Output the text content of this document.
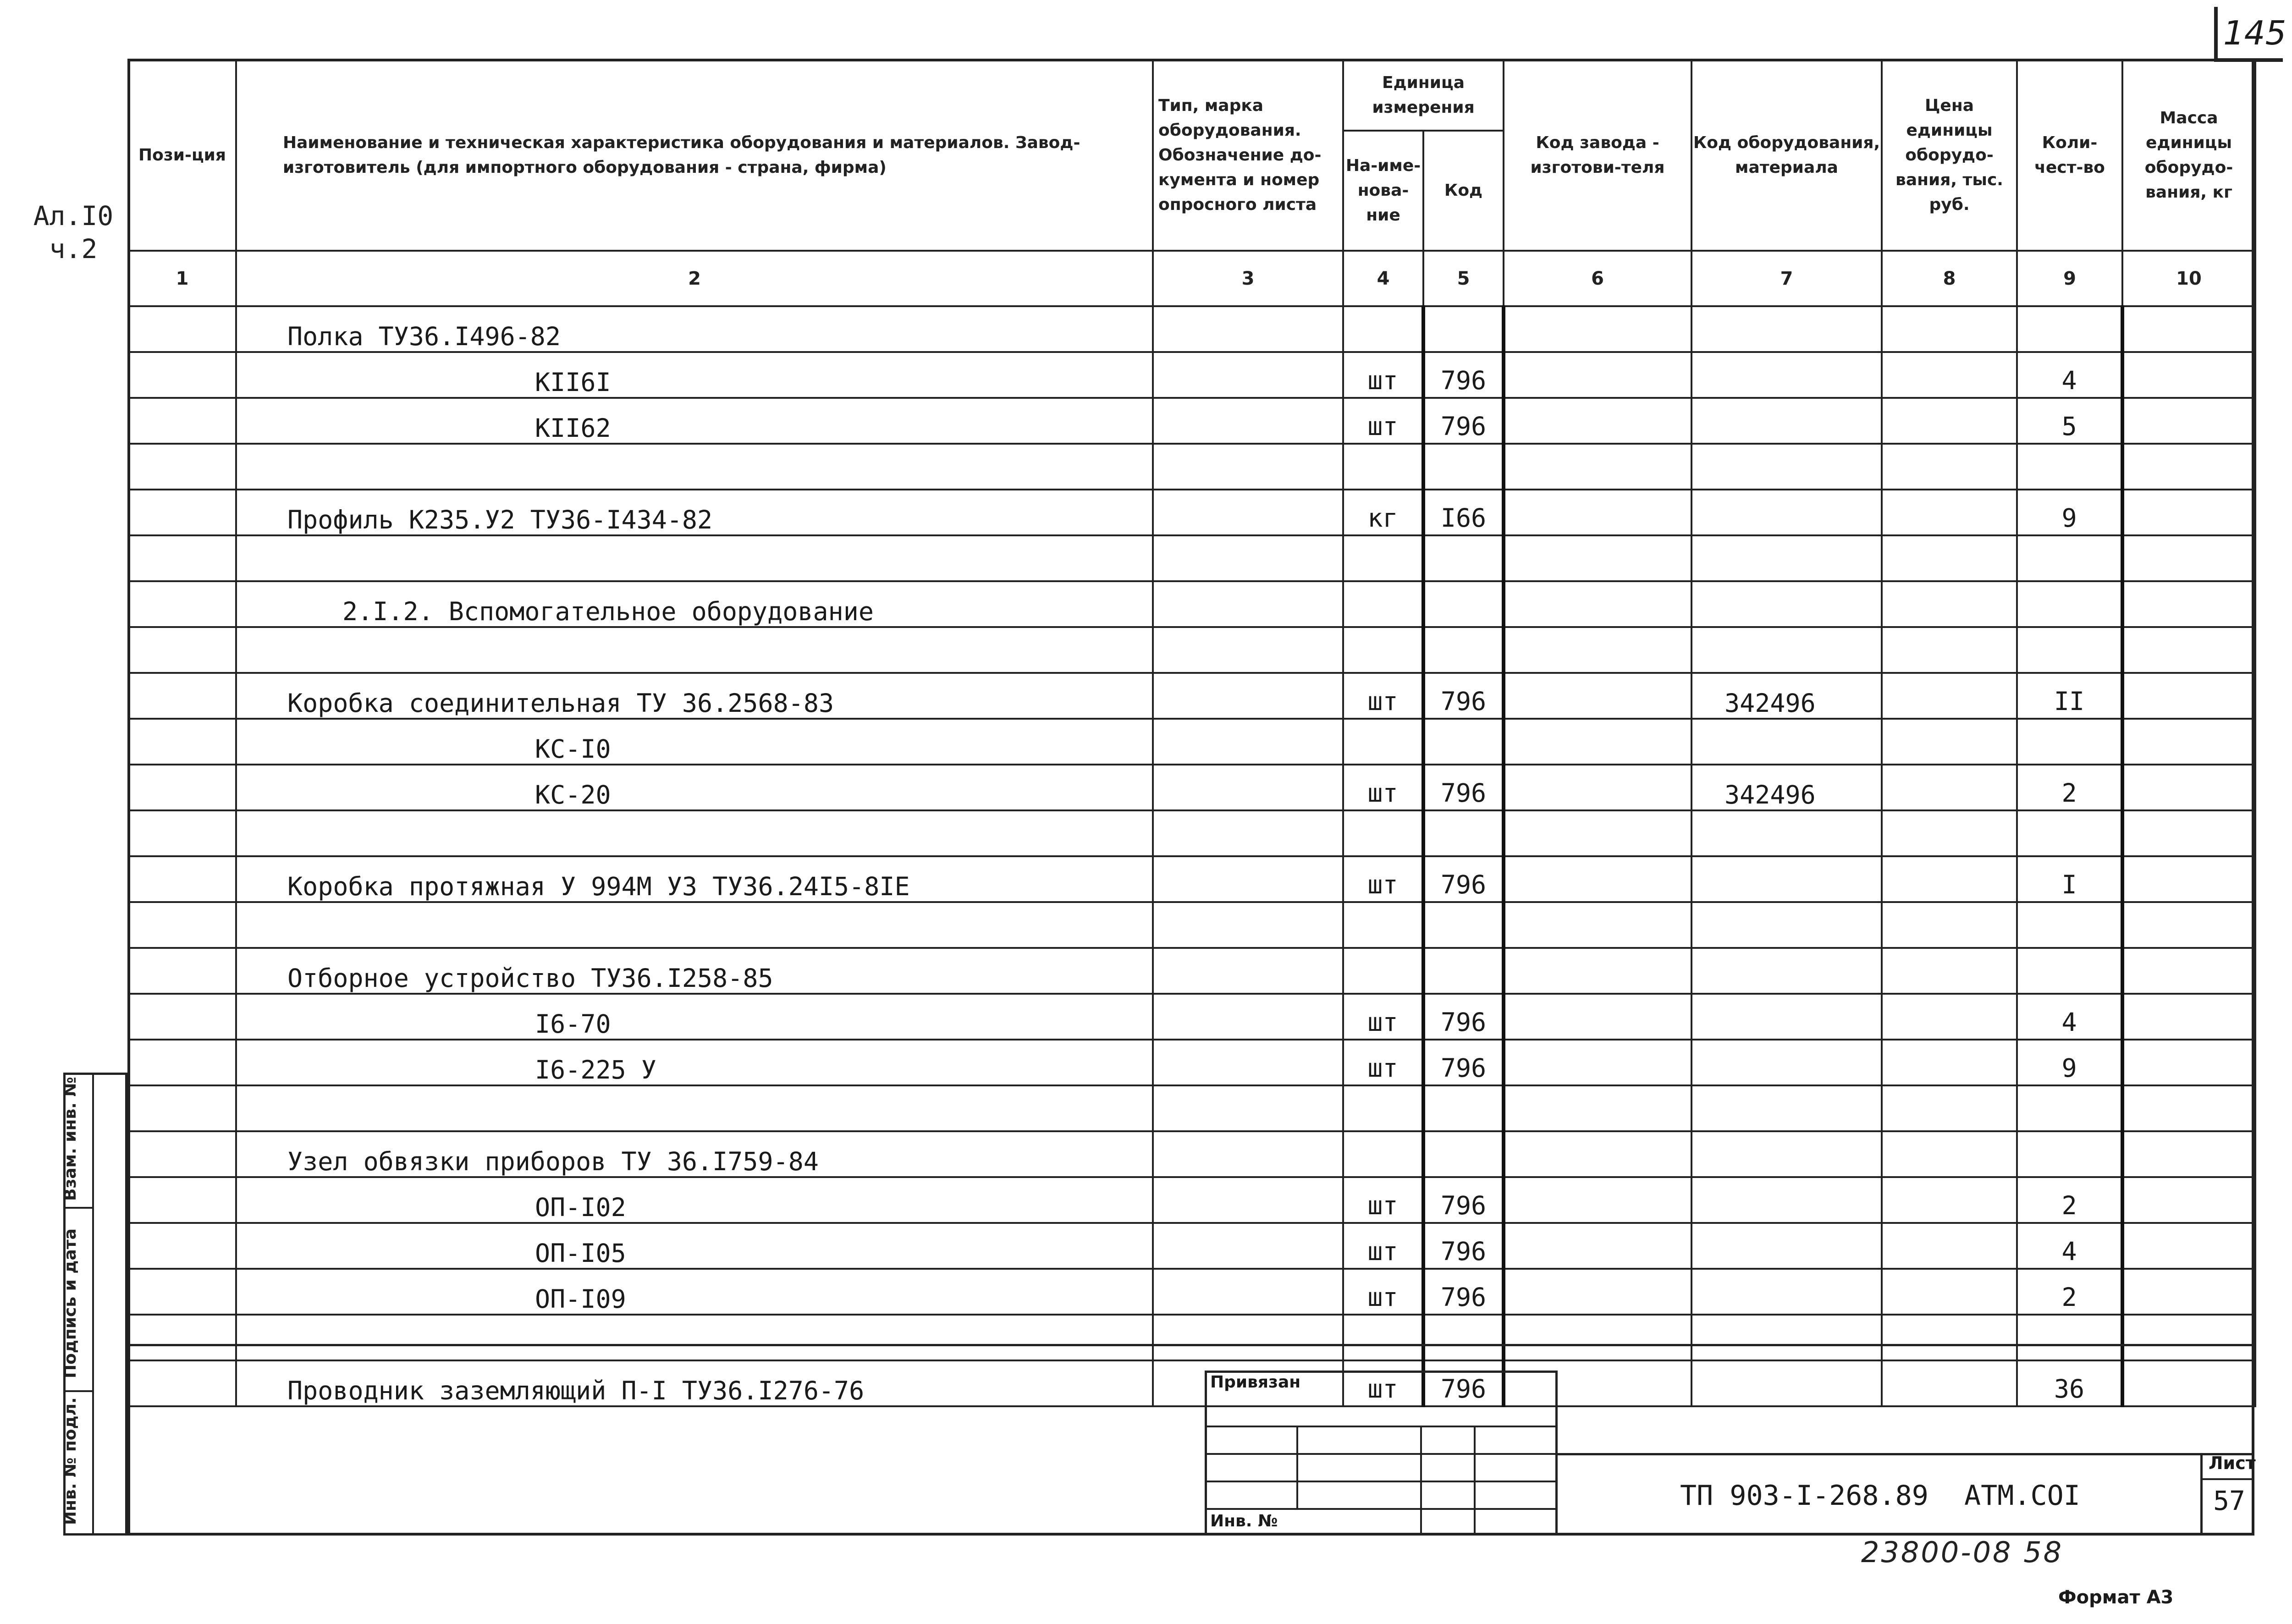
145
Ал.I0
ч.2
Пози-ция	Наименование и техническая характеристика оборудования и материалов. Завод-изготовитель (для импортного оборудования - страна, фирма)	Тип, марка оборудования. Обозначение до-кумента и номер опросного листа	Единица измерения		Код завода - изготови-теля	Код оборудования, материала	Цена единицы оборудо-вания, тыс. руб.	Коли-чест-во	Масса единицы оборудо-вания, кг
			На-име-нова-ние	Код					
1	2	3	4	5	6	7	8	9	10
	Полка ТУ36.I496-82								
	КII6I		шт	796				4	
	КII62		шт	796				5	

	Профиль К235.У2 ТУ36-I434-82		кг	I66				9	

	2.I.2. Вспомогательное оборудование								

	Коробка соединительная ТУ 36.2568-83		шт	796		342496		II	
	КС-I0								
	КС-20		шт	796		342496		2	

	Коробка протяжная У 994М УЗ ТУ36.24I5-8IЕ		шт	796				I	

	Отборное устройство ТУ36.I258-85								
	I6-70		шт	796				4	
	I6-225 У		шт	796				9	

	Узел обвязки приборов ТУ 36.I759-84								
	ОП-I02		шт	796				2	
	ОП-I05		шт	796				4	
	ОП-I09		шт	796				2	

	Проводник заземляющий П-I ТУ36.I276-76		шт	796				36	
Взам. инв. №
Подпись и дата
Инв. № подл.
Привязан
Инв. №
ТП 903-I-268.89 АТМ.СОI
Лист
57
23800-08 58
Формат А3
